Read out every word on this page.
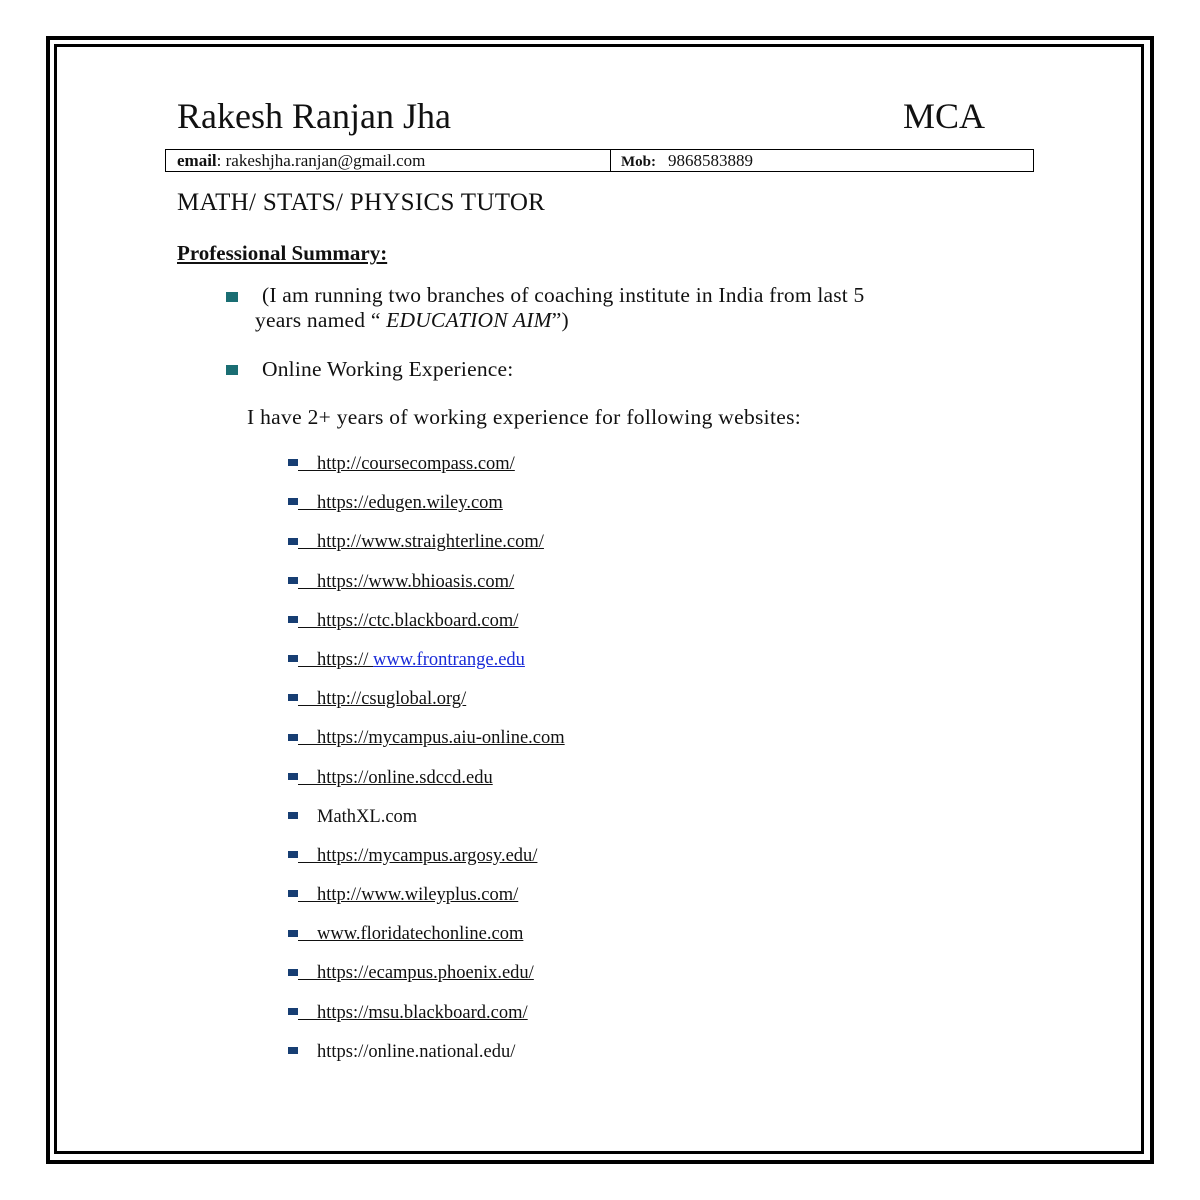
Rakesh Ranjan Jha	MCA
email: rakeshjha.ranjan@gmail.com	Mob: 9868583889
MATH/ STATS/ PHYSICS TUTOR
Professional Summary:
(I am running two branches of coaching institute in India from last 5
years named “ EDUCATION AIM”)
Online Working Experience:
I have 2+ years of working experience for following websites:
http://coursecompass.com/
https://edugen.wiley.com
http://www.straighterline.com/
https://www.bhioasis.com/
https://ctc.blackboard.com/
https:// www.frontrange.edu
http://csuglobal.org/
https://mycampus.aiu-online.com
https://online.sdccd.edu
MathXL.com
https://mycampus.argosy.edu/
http://www.wileyplus.com/
www.floridatechonline.com
https://ecampus.phoenix.edu/
https://msu.blackboard.com/
https://online.national.edu/
